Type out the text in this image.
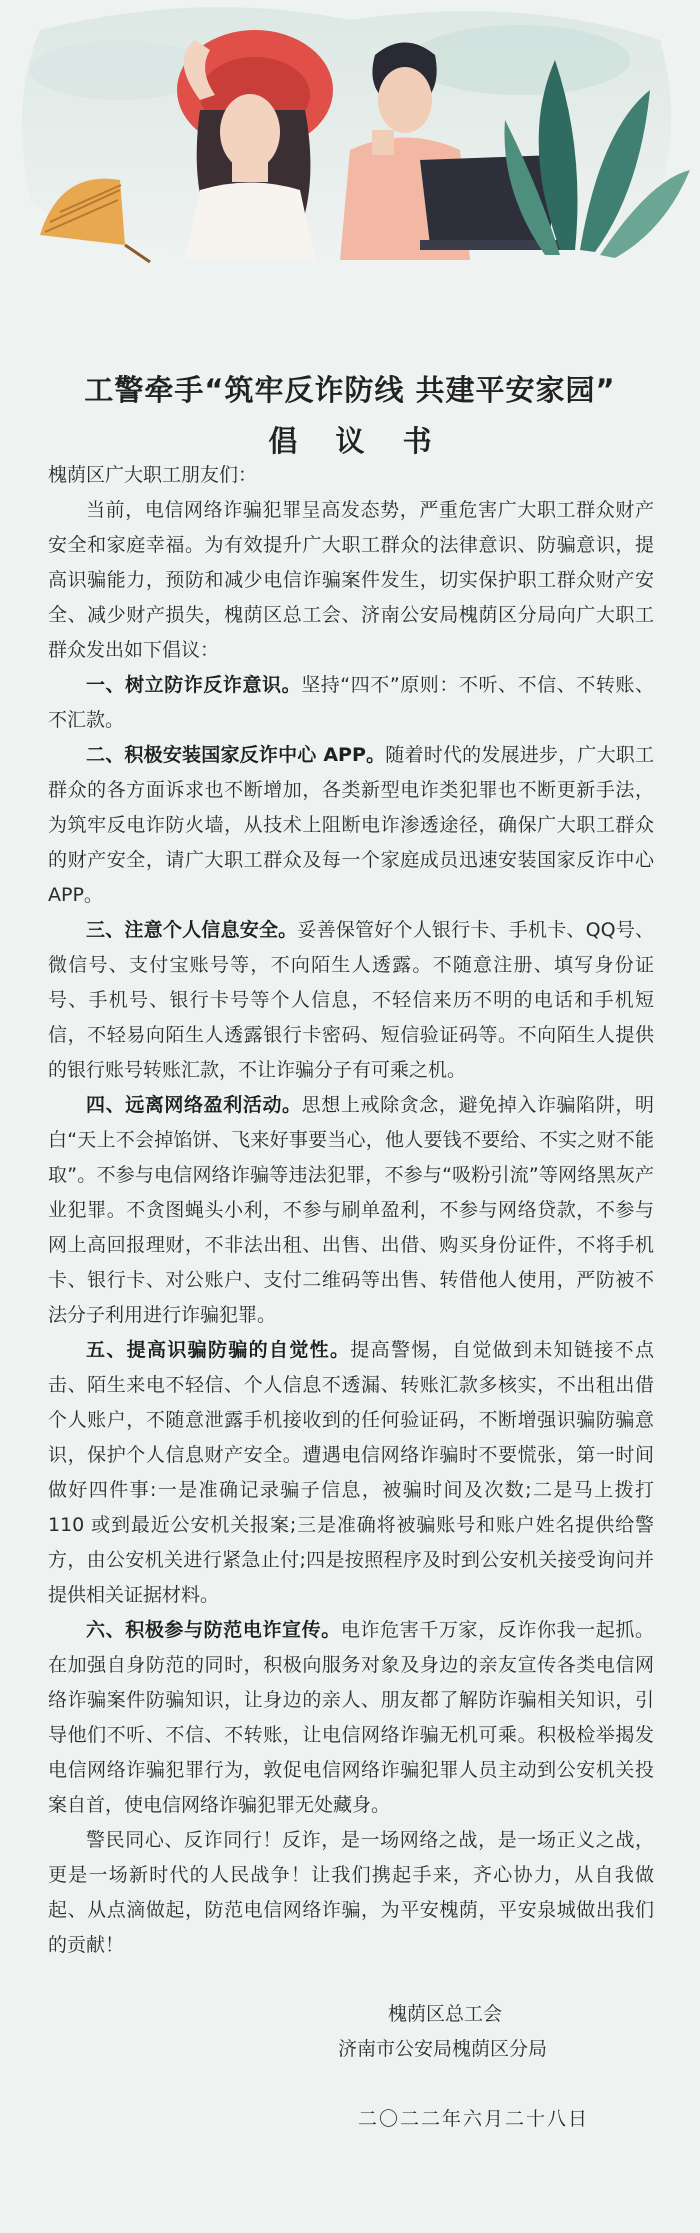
工警牵手“筑牢反诈防线 共建平安家园”
倡 议 书

槐荫区广大职工朋友们：

当前，电信网络诈骗犯罪呈高发态势，严重危害广大职工群众财产安全和家庭幸福。为有效提升广大职工群众的法律意识、防骗意识，提高识骗能力，预防和减少电信诈骗案件发生，切实保护职工群众财产安全、减少财产损失，槐荫区总工会、济南公安局槐荫区分局向广大职工群众发出如下倡议：

一、树立防诈反诈意识。坚持“四不”原则：不听、不信、不转账、不汇款。

二、积极安装国家反诈中心 APP。随着时代的发展进步，广大职工群众的各方面诉求也不断增加，各类新型电诈类犯罪也不断更新手法，为筑牢反电诈防火墙，从技术上阻断电诈渗透途径，确保广大职工群众的财产安全，请广大职工群众及每一个家庭成员迅速安装国家反诈中心 APP。

三、注意个人信息安全。妥善保管好个人银行卡、手机卡、QQ号、微信号、支付宝账号等，不向陌生人透露。不随意注册、填写身份证号、手机号、银行卡号等个人信息，不轻信来历不明的电话和手机短信，不轻易向陌生人透露银行卡密码、短信验证码等。不向陌生人提供的银行账号转账汇款，不让诈骗分子有可乘之机。

四、远离网络盈利活动。思想上戒除贪念，避免掉入诈骗陷阱，明白“天上不会掉馅饼、飞来好事要当心，他人要钱不要给、不实之财不能取”。不参与电信网络诈骗等违法犯罪，不参与“吸粉引流”等网络黑灰产业犯罪。不贪图蝇头小利，不参与刷单盈利，不参与网络贷款，不参与网上高回报理财，不非法出租、出售、出借、购买身份证件，不将手机卡、银行卡、对公账户、支付二维码等出售、转借他人使用，严防被不法分子利用进行诈骗犯罪。

五、提高识骗防骗的自觉性。提高警惕，自觉做到未知链接不点击、陌生来电不轻信、个人信息不透漏、转账汇款多核实，不出租出借个人账户，不随意泄露手机接收到的任何验证码，不断增强识骗防骗意识，保护个人信息财产安全。遭遇电信网络诈骗时不要慌张，第一时间做好四件事:一是准确记录骗子信息，被骗时间及次数;二是马上拨打 110 或到最近公安机关报案;三是准确将被骗账号和账户姓名提供给警方，由公安机关进行紧急止付;四是按照程序及时到公安机关接受询问并提供相关证据材料。

六、积极参与防范电诈宣传。电诈危害千万家，反诈你我一起抓。在加强自身防范的同时，积极向服务对象及身边的亲友宣传各类电信网络诈骗案件防骗知识，让身边的亲人、朋友都了解防诈骗相关知识，引导他们不听、不信、不转账，让电信网络诈骗无机可乘。积极检举揭发电信网络诈骗犯罪行为，敦促电信网络诈骗犯罪人员主动到公安机关投案自首，使电信网络诈骗犯罪无处藏身。

警民同心、反诈同行！反诈，是一场网络之战，是一场正义之战，更是一场新时代的人民战争！让我们携起手来，齐心协力，从自我做起、从点滴做起，防范电信网络诈骗，为平安槐荫，平安泉城做出我们的贡献！

槐荫区总工会
济南市公安局槐荫区分局
二〇二二年六月二十八日
